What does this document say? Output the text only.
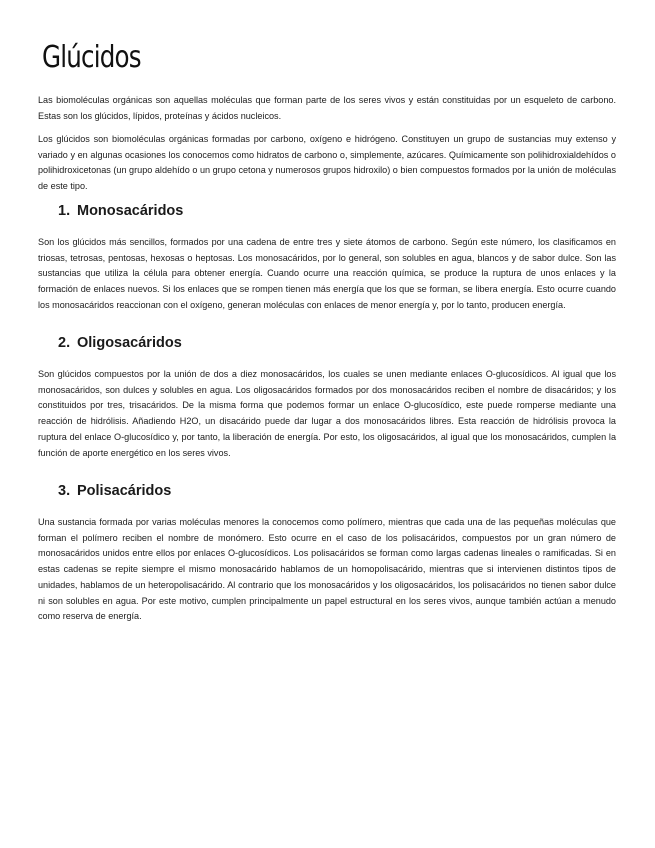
Glúcidos

Las biomoléculas orgánicas son aquellas moléculas que forman parte de los seres vivos y están constituidas por un esqueleto de carbono. Estas son los glúcidos, lípidos, proteínas y ácidos nucleicos.

Los glúcidos son biomoléculas orgánicas formadas por carbono, oxígeno e hidrógeno. Constituyen un grupo de sustancias muy extenso y variado y en algunas ocasiones los conocemos como hidratos de carbono o, simplemente, azúcares. Químicamente son polihidroxialdehídos o polihidroxicetonas (un grupo aldehído o un grupo cetona y numerosos grupos hidroxilo) o bien compuestos formados por la unión de moléculas de este tipo.

1. Monosacáridos

Son los glúcidos más sencillos, formados por una cadena de entre tres y siete átomos de carbono. Según este número, los clasificamos en triosas, tetrosas, pentosas, hexosas o heptosas. Los monosacáridos, por lo general, son solubles en agua, blancos y de sabor dulce. Son las sustancias que utiliza la célula para obtener energía. Cuando ocurre una reacción química, se produce la ruptura de unos enlaces y la formación de enlaces nuevos. Si los enlaces que se rompen tienen más energía que los que se forman, se libera energía. Esto ocurre cuando los monosacáridos reaccionan con el oxígeno, generan moléculas con enlaces de menor energía y, por lo tanto, producen energía.

2. Oligosacáridos

Son glúcidos compuestos por la unión de dos a diez monosacáridos, los cuales se unen mediante enlaces O-glucosídicos. Al igual que los monosacáridos, son dulces y solubles en agua. Los oligosacáridos formados por dos monosacáridos reciben el nombre de disacáridos; y los constituidos por tres, trisacáridos. De la misma forma que podemos formar un enlace O-glucosídico, este puede romperse mediante una reacción de hidrólisis. Añadiendo H2O, un disacárido puede dar lugar a dos monosacáridos libres. Esta reacción de hidrólisis provoca la ruptura del enlace O-glucosídico y, por tanto, la liberación de energía. Por esto, los oligosacáridos, al igual que los monosacáridos, cumplen la función de aporte energético en los seres vivos.

3. Polisacáridos

Una sustancia formada por varias moléculas menores la conocemos como polímero, mientras que cada una de las pequeñas moléculas que forman el polímero reciben el nombre de monómero. Esto ocurre en el caso de los polisacáridos, compuestos por un gran número de monosacáridos unidos entre ellos por enlaces O-glucosídicos. Los polisacáridos se forman como largas cadenas lineales o ramificadas. Si en estas cadenas se repite siempre el mismo monosacárido hablamos de un homopolisacárido, mientras que si intervienen distintos tipos de unidades, hablamos de un heteropolisacárido. Al contrario que los monosacáridos y los oligosacáridos, los polisacáridos no tienen sabor dulce ni son solubles en agua. Por este motivo, cumplen principalmente un papel estructural en los seres vivos, aunque también actúan a menudo como reserva de energía.
